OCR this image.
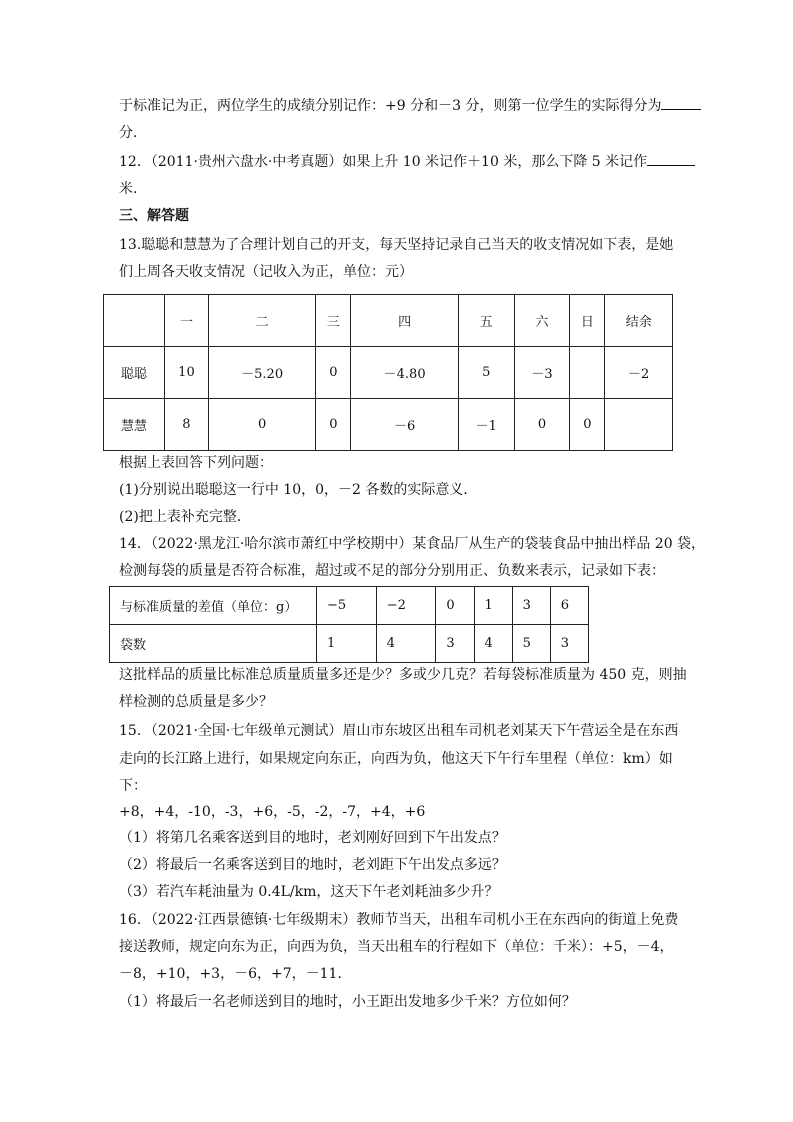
于标准记为正，两位学生的成绩分别记作：+9 分和－3 分，则第一位学生的实际得分为
分．
12．（2011·贵州六盘水·中考真题）如果上升 10 米记作＋10 米，那么下降 5 米记作
米．
三、解答题
13.聪聪和慧慧为了合理计划自己的开支，每天坚持记录自己当天的收支情况如下表，是她
们上周各天收支情况（记收入为正，单位：元）
	一	二	三	四	五	六	日	结余
聪聪	10	－5.20	0	－4.80	5	－3		－2
慧慧	8	0	0	－6	－1	0	0	
根据上表回答下列问题：
(1)分别说出聪聪这一行中 10，0，－2 各数的实际意义．
(2)把上表补充完整．
14．（2022·黑龙江·哈尔滨市萧红中学校期中）某食品厂从生产的袋装食品中抽出样品 20 袋，
检测每袋的质量是否符合标准，超过或不足的部分分别用正、负数来表示，记录如下表：
与标准质量的差值（单位：g）	−5	−2	0	1	3	6
袋数	1	4	3	4	5	3
这批样品的质量比标准总质量质量多还是少？多或少几克？若每袋标准质量为 450 克，则抽
样检测的总质量是多少？
15．（2021·全国·七年级单元测试）眉山市东坡区出租车司机老刘某天下午营运全是在东西
走向的长江路上进行，如果规定向东正，向西为负，他这天下午行车里程（单位：km）如
下：
+8，+4，-10，-3，+6，-5，-2，-7，+4，+6
（1）将第几名乘客送到目的地时，老刘刚好回到下午出发点？
（2）将最后一名乘客送到目的地时，老刘距下午出发点多远？
（3）若汽车耗油量为 0.4L/km，这天下午老刘耗油多少升？
16．（2022·江西景德镇·七年级期末）教师节当天，出租车司机小王在东西向的街道上免费
接送教师，规定向东为正，向西为负，当天出租车的行程如下（单位：千米）：+5，－4，
－8，+10，+3，－6，+7，－11．
（1）将最后一名老师送到目的地时，小王距出发地多少千米？方位如何？
